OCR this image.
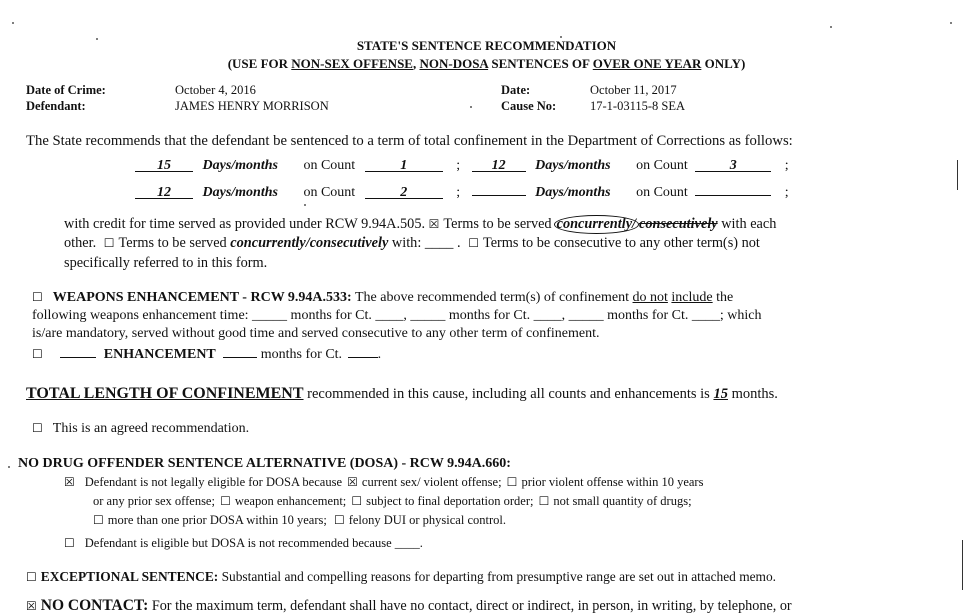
STATE'S SENTENCE RECOMMENDATION
(USE FOR NON-SEX OFFENSE, NON-DOSA SENTENCES OF OVER ONE YEAR ONLY)
Date of Crime:	October 4, 2016
Defendant:	JAMES HENRY MORRISON
Date:	October 11, 2017
Cause No:	17-1-03115-8 SEA
The State recommends that the defendant be sentenced to a term of total confinement in the Department of Corrections as follows:
15 Days/months on Count	1	; 12 Days/months on Count	3	;
12 Days/months on Count	2	;	Days/months on Count	;
with credit for time served as provided under RCW 9.94A.505. ☒ Terms to be served concurrently/ consecutively with each
other. ☐ Terms to be served concurrently/consecutively with: ____ . ☐ Terms to be consecutive to any other term(s) not
specifically referred to in this form.
☐ WEAPONS ENHANCEMENT - RCW 9.94A.533: The above recommended term(s) of confinement do not include the
following weapons enhancement time: _____ months for Ct. ____, _____ months for Ct. ____, _____ months for Ct. ____; which
is/are mandatory, served without good time and served consecutive to any other term of confinement.
☐	ENHANCEMENT	months for Ct.	.
TOTAL LENGTH OF CONFINEMENT recommended in this cause, including all counts and enhancements is 15 months.
☐ This is an agreed recommendation.
NO DRUG OFFENDER SENTENCE ALTERNATIVE (DOSA) - RCW 9.94A.660:
☒ Defendant is not legally eligible for DOSA because ☒ current sex/ violent offense; ☐ prior violent offense within 10 years
or any prior sex offense; ☐ weapon enhancement; ☐ subject to final deportation order; ☐ not small quantity of drugs;
☐ more than one prior DOSA within 10 years; ☐ felony DUI or physical control.
☐ Defendant is eligible but DOSA is not recommended because ____.
☐ EXCEPTIONAL SENTENCE: Substantial and compelling reasons for departing from presumptive range are set out in attached memo.
☒ NO CONTACT: For the maximum term, defendant shall have no contact, direct or indirect, in person, in writing, by telephone, or
